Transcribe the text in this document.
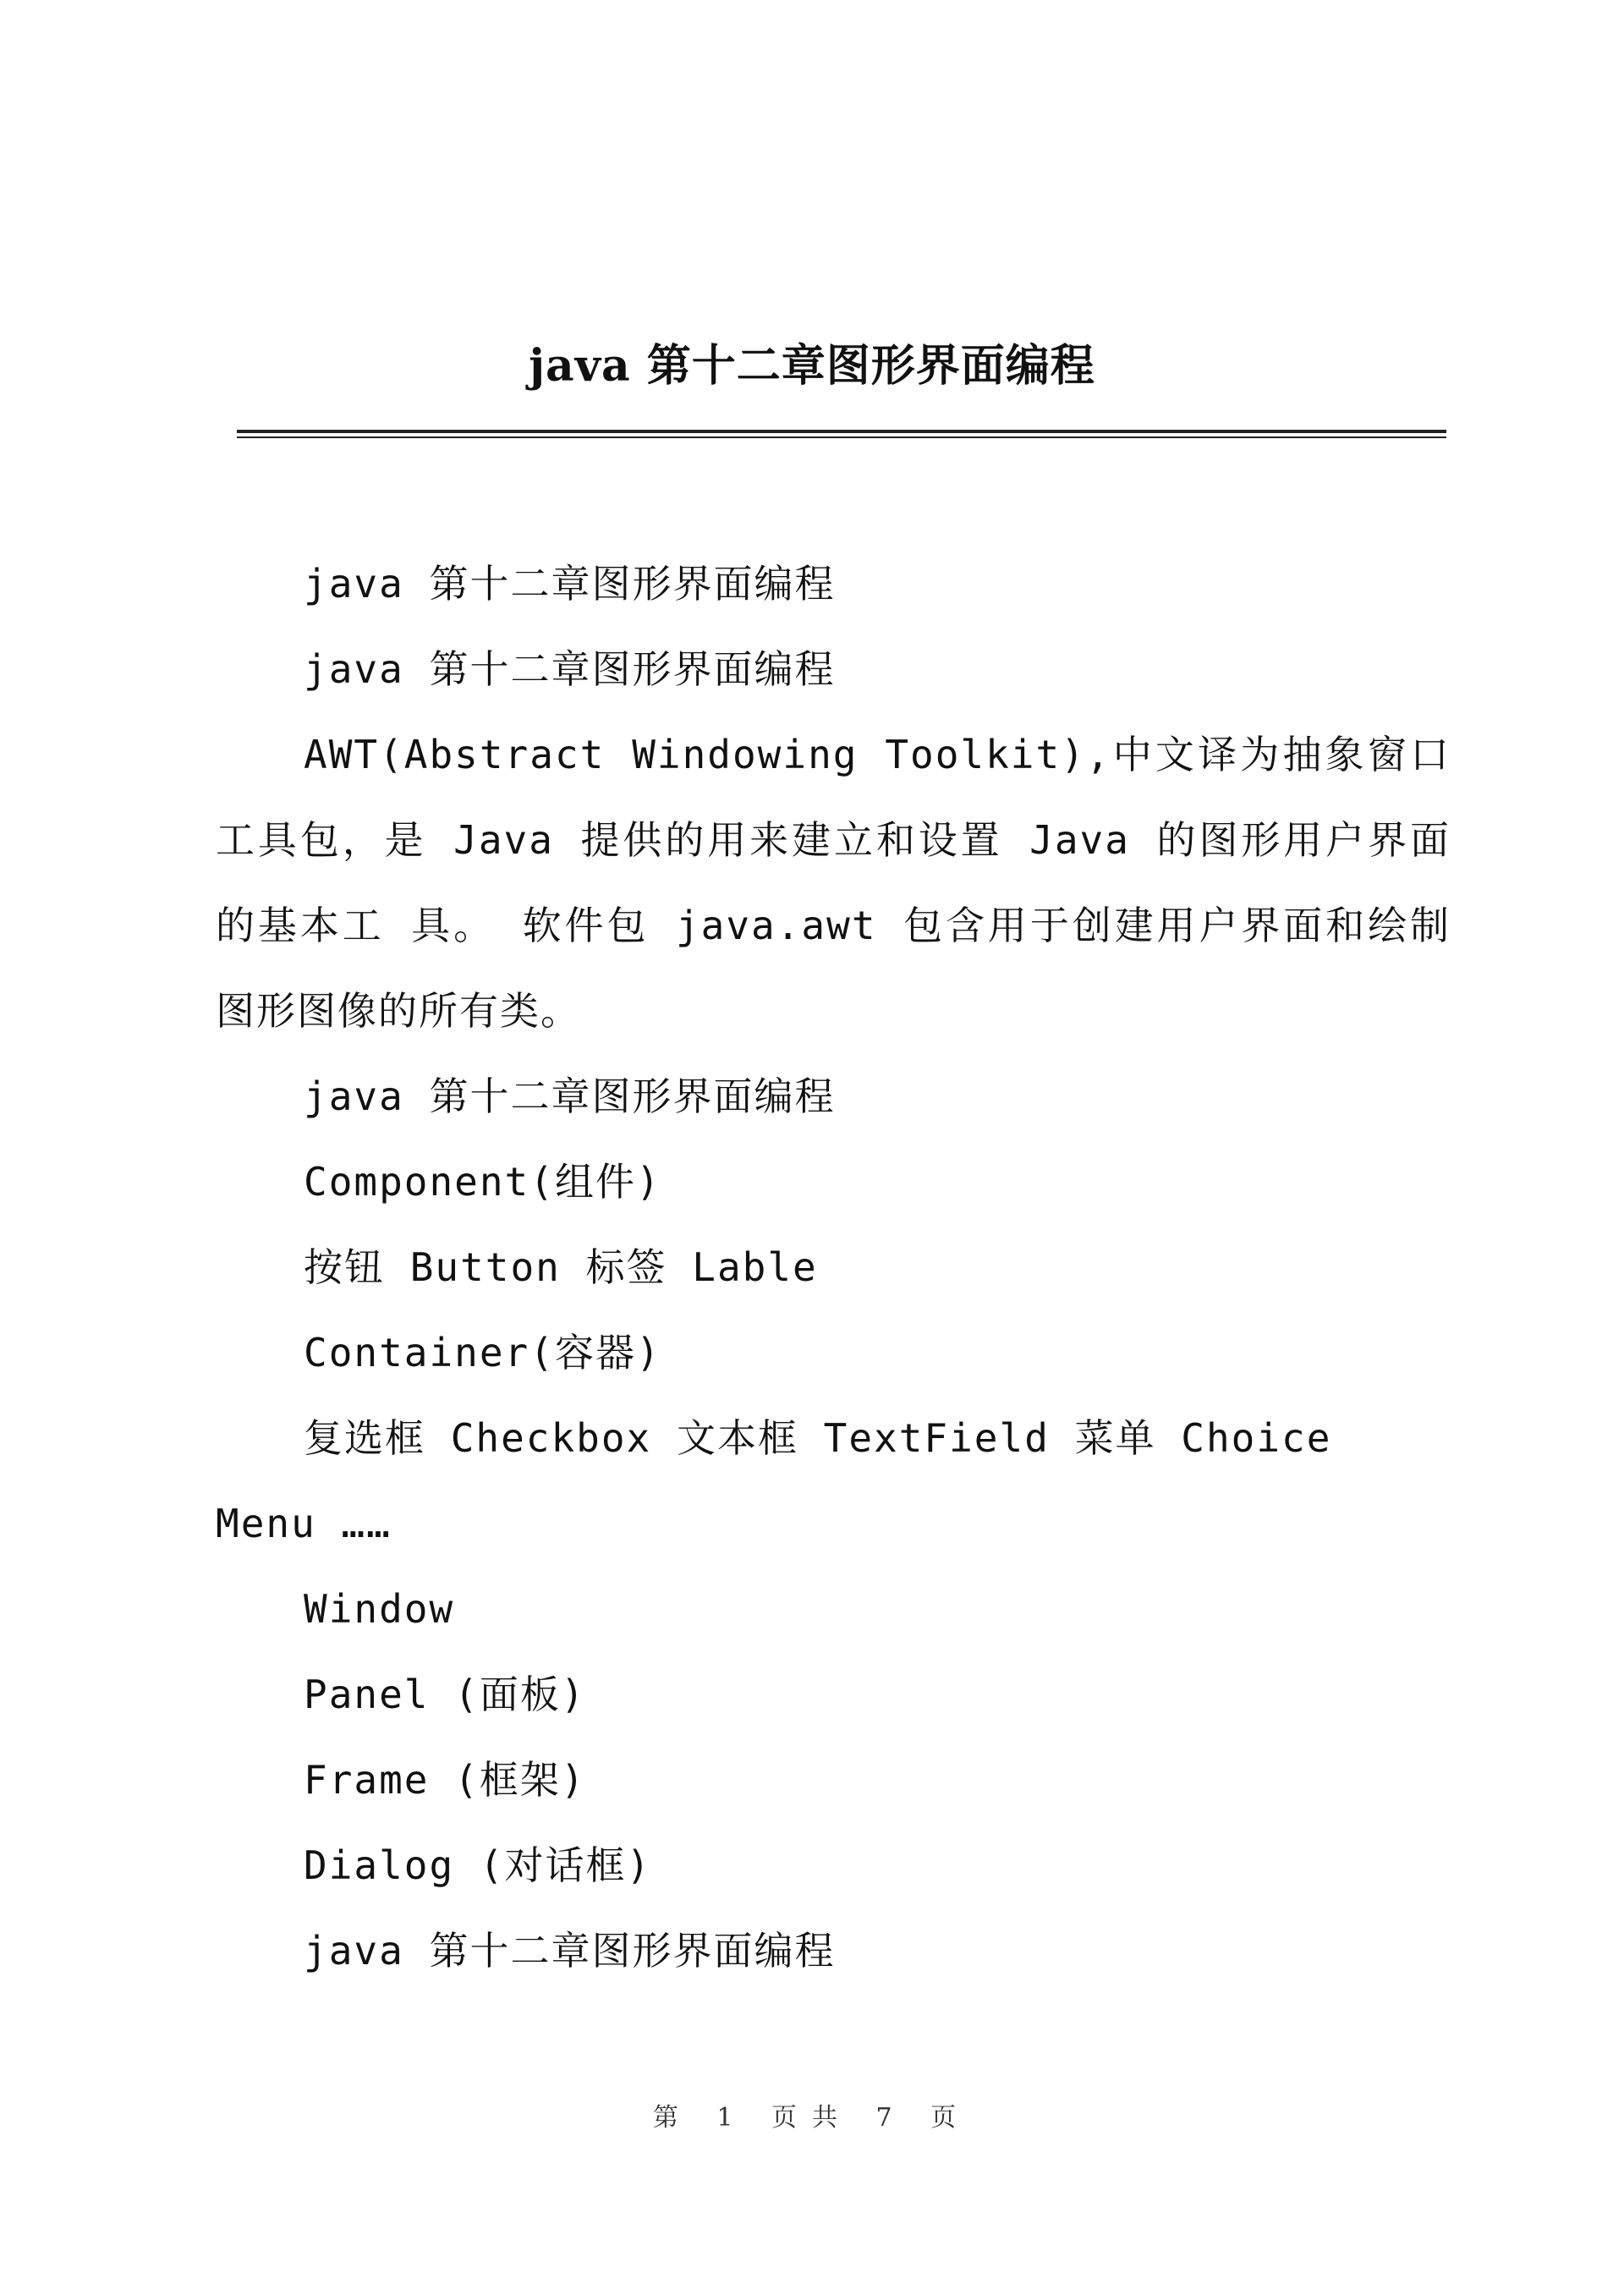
java 第十二章图形界面编程

java 第十二章图形界面编程

java 第十二章图形界面编程

AWT(Abstract Windowing Toolkit),中文译为抽象窗口工具包，是 Java 提供的用来建立和设置 Java 的图形用户界面的基本工 具。 软件包 java.awt 包含用于创建用户界面和绘制图形图像的所有类。

java 第十二章图形界面编程

Component(组件)

按钮 Button 标签 Lable

Container(容器)

复选框 Checkbox 文本框 TextField 菜单 Choice

Menu ……

Window

Panel (面板)

Frame (框架)

Dialog (对话框)

java 第十二章图形界面编程

第 1 页共 7 页
